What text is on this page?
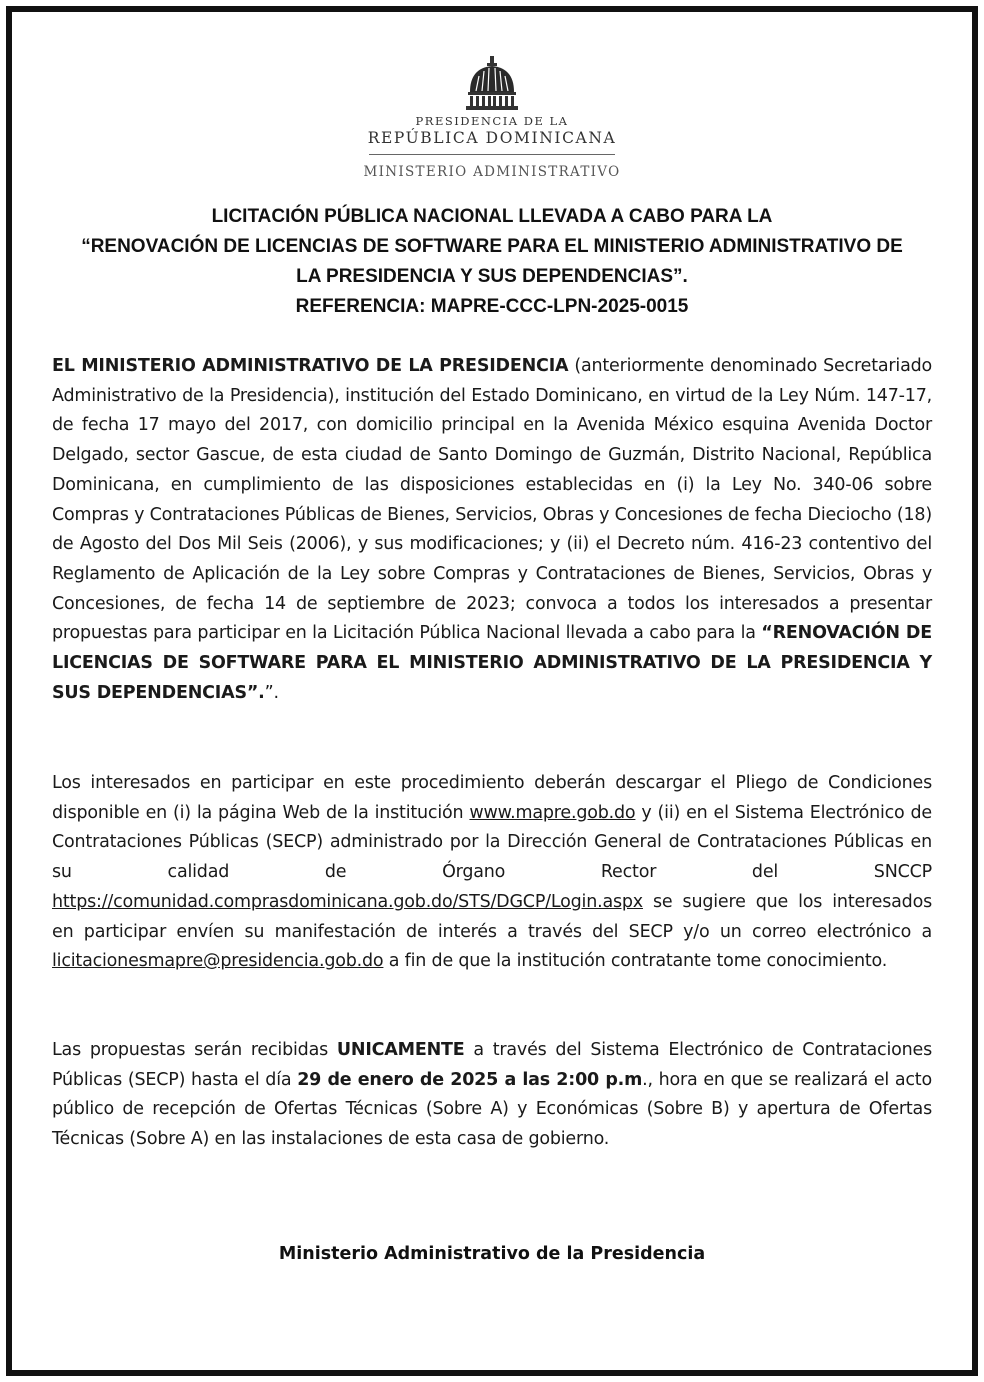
PRESIDENCIA DE LA
REPÚBLICA DOMINICANA
MINISTERIO ADMINISTRATIVO
LICITACIÓN PÚBLICA NACIONAL LLEVADA A CABO PARA LA
“RENOVACIÓN DE LICENCIAS DE SOFTWARE PARA EL MINISTERIO ADMINISTRATIVO DE
LA PRESIDENCIA Y SUS DEPENDENCIAS”.
REFERENCIA: MAPRE-CCC-LPN-2025-0015
EL MINISTERIO ADMINISTRATIVO DE LA PRESIDENCIA (anteriormente denominado Secretariado Administrativo de la Presidencia), institución del Estado Dominicano, en virtud de la Ley Núm. 147-17, de fecha 17 mayo del 2017, con domicilio principal en la Avenida México esquina Avenida Doctor Delgado, sector Gascue, de esta ciudad de Santo Domingo de Guzmán, Distrito Nacional, República Dominicana, en cumplimiento de las disposiciones establecidas en (i) la Ley No. 340-06 sobre Compras y Contrataciones Públicas de Bienes, Servicios, Obras y Concesiones de fecha Dieciocho (18) de Agosto del Dos Mil Seis (2006), y sus modificaciones; y (ii) el Decreto núm. 416-23 contentivo del Reglamento de Aplicación de la Ley sobre Compras y Contrataciones de Bienes, Servicios, Obras y Concesiones, de fecha 14 de septiembre de 2023; convoca a todos los interesados a presentar propuestas para participar en la Licitación Pública Nacional llevada a cabo para la “RENOVACIÓN DE LICENCIAS DE SOFTWARE PARA EL MINISTERIO ADMINISTRATIVO DE LA PRESIDENCIA Y SUS DEPENDENCIAS”.”.
Los interesados en participar en este procedimiento deberán descargar el Pliego de Condiciones disponible en (i) la página Web de la institución www.mapre.gob.do y (ii) en el Sistema Electrónico de Contrataciones Públicas (SECP) administrado por la Dirección General de Contrataciones Públicas en su calidad de Órgano Rector del SNCCP https://comunidad.comprasdominicana.gob.do/STS/DGCP/Login.aspx se sugiere que los interesados en participar envíen su manifestación de interés a través del SECP y/o un correo electrónico a licitacionesmapre@presidencia.gob.do a fin de que la institución contratante tome conocimiento.
Las propuestas serán recibidas UNICAMENTE a través del Sistema Electrónico de Contrataciones Públicas (SECP) hasta el día 29 de enero de 2025 a las 2:00 p.m., hora en que se realizará el acto público de recepción de Ofertas Técnicas (Sobre A) y Económicas (Sobre B) y apertura de Ofertas Técnicas (Sobre A) en las instalaciones de esta casa de gobierno.
Ministerio Administrativo de la Presidencia
